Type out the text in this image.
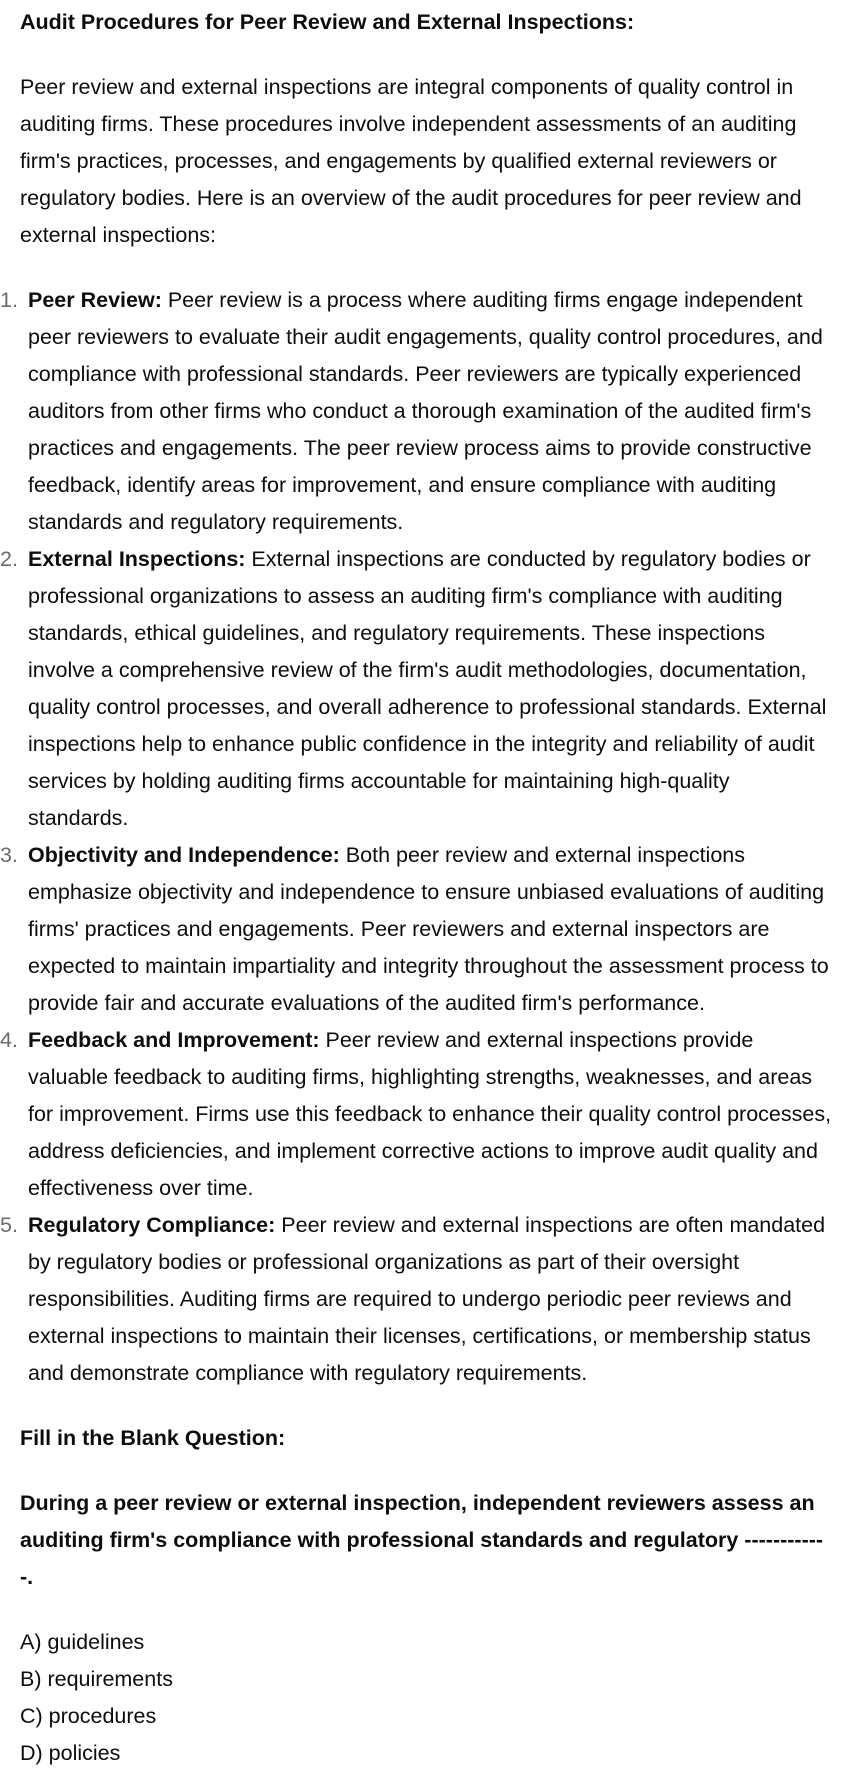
Audit Procedures for Peer Review and External Inspections:

Peer review and external inspections are integral components of quality control in auditing firms. These procedures involve independent assessments of an auditing firm's practices, processes, and engagements by qualified external reviewers or regulatory bodies. Here is an overview of the audit procedures for peer review and external inspections:

1. Peer Review: Peer review is a process where auditing firms engage independent peer reviewers to evaluate their audit engagements, quality control procedures, and compliance with professional standards. Peer reviewers are typically experienced auditors from other firms who conduct a thorough examination of the audited firm's practices and engagements. The peer review process aims to provide constructive feedback, identify areas for improvement, and ensure compliance with auditing standards and regulatory requirements.
2. External Inspections: External inspections are conducted by regulatory bodies or professional organizations to assess an auditing firm's compliance with auditing standards, ethical guidelines, and regulatory requirements. These inspections involve a comprehensive review of the firm's audit methodologies, documentation, quality control processes, and overall adherence to professional standards. External inspections help to enhance public confidence in the integrity and reliability of audit services by holding auditing firms accountable for maintaining high-quality standards.
3. Objectivity and Independence: Both peer review and external inspections emphasize objectivity and independence to ensure unbiased evaluations of auditing firms' practices and engagements. Peer reviewers and external inspectors are expected to maintain impartiality and integrity throughout the assessment process to provide fair and accurate evaluations of the audited firm's performance.
4. Feedback and Improvement: Peer review and external inspections provide valuable feedback to auditing firms, highlighting strengths, weaknesses, and areas for improvement. Firms use this feedback to enhance their quality control processes, address deficiencies, and implement corrective actions to improve audit quality and effectiveness over time.
5. Regulatory Compliance: Peer review and external inspections are often mandated by regulatory bodies or professional organizations as part of their oversight responsibilities. Auditing firms are required to undergo periodic peer reviews and external inspections to maintain their licenses, certifications, or membership status and demonstrate compliance with regulatory requirements.

Fill in the Blank Question:

During a peer review or external inspection, independent reviewers assess an auditing firm's compliance with professional standards and regulatory ------------.

A) guidelines

B) requirements

C) procedures

D) policies
